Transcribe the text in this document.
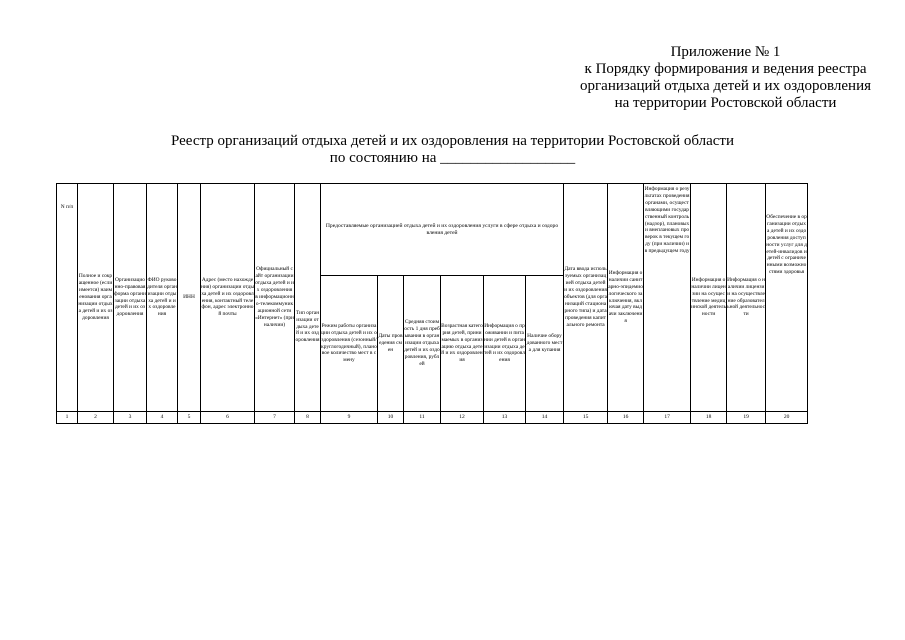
Приложение № 1
к Порядку формирования и ведения реестра
организаций отдыха детей и их оздоровления
на территории Ростовской области
Реестр организаций отдыха детей и их оздоровления на территории Ростовской области
по состоянию на __________________
N п/п	Полное и сокращенное (если имеется) наименования организации отдыха детей и их оздоровления	Организационно-правовая форма организации отдыха детей и их оздоровления	ФИО руководителя организации отдыха детей и их оздоровления	ИНН	Адрес (место нахождения) организации отдыха детей и их оздоровления, контактный телефон, адрес электронной почты	Официальный сайт организации отдыха детей и их оздоровления в информационно-телекоммуникационной сети «Интернет» (при наличии)	Тип организации отдыха детей и их оздоровления	Предоставляемые организацией отдыха детей и их оздоровления услуги в сфере отдыха и оздоровления детей						Дата ввода используемых организацией отдыха детей и их оздоровления объектов (для организаций стационарного типа) и дата проведения капитального ремонта	Информация о наличии санитарно-эпидемиологического заключения, включая дату выдачи заключения	Информация о результатах проведения органами, осуществляющими государственный контроль (надзор), плановых и внеплановых проверок в текущем году (при наличии) и в предыдущем году	Информация о наличии лицензии на осуществление медицинской деятельности	Информация о наличии лицензии на осуществление образовательной деятельности	Обеспечение в организации отдыха детей и их оздоровления доступности услуг для детей-инвалидов и детей с ограниченными возможностями здоровья
								Режим работы организации отдыха детей и их оздоровления (сезонный/круглогодичный), плановое количество мест в смену	Даты проведения смен	Средняя стоимость 1 дня пребывания в организации отдыха детей и их оздоровления, рублей	Возрастная категория детей, принимаемых в организацию отдыха детей и их оздоровления	Информация о проживании и питании детей в организации отдыха детей и их оздоровления	Наличие оборудованного места для купания						
1	2	3	4	5	6	7	8	9	10	11	12	13	14	15	16	17	18	19	20
